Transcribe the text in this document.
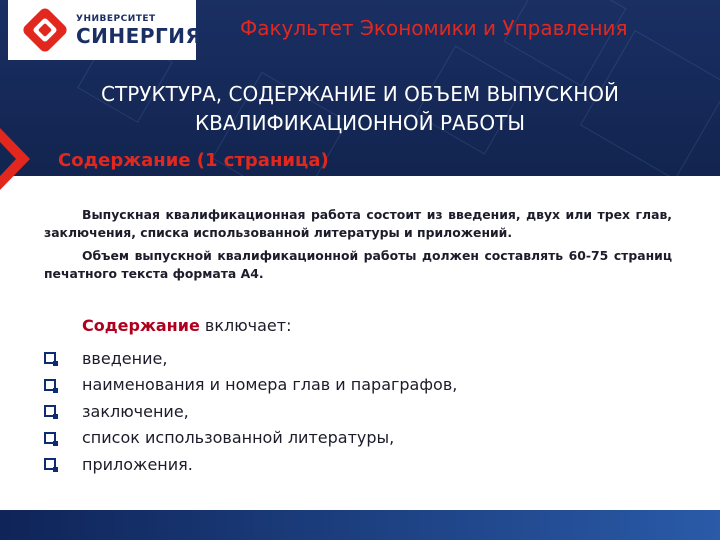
УНИВЕРСИТЕТ
СИНЕРГИЯ Факультет Экономики и Управления
СТРУКТУРА, СОДЕРЖАНИЕ И ОБЪЕМ ВЫПУСКНОЙ КВАЛИФИКАЦИОННОЙ РАБОТЫ
Содержание (1 страница)

Выпускная квалификационная работа состоит из введения, двух или трех глав, заключения, списка использованной литературы и приложений.

Объем выпускной квалификационной работы должен составлять 60-75 страниц печатного текста формата А4.

Содержание включает:
введение,
наименования и номера глав и параграфов,
заключение,
список использованной литературы,
приложения.
